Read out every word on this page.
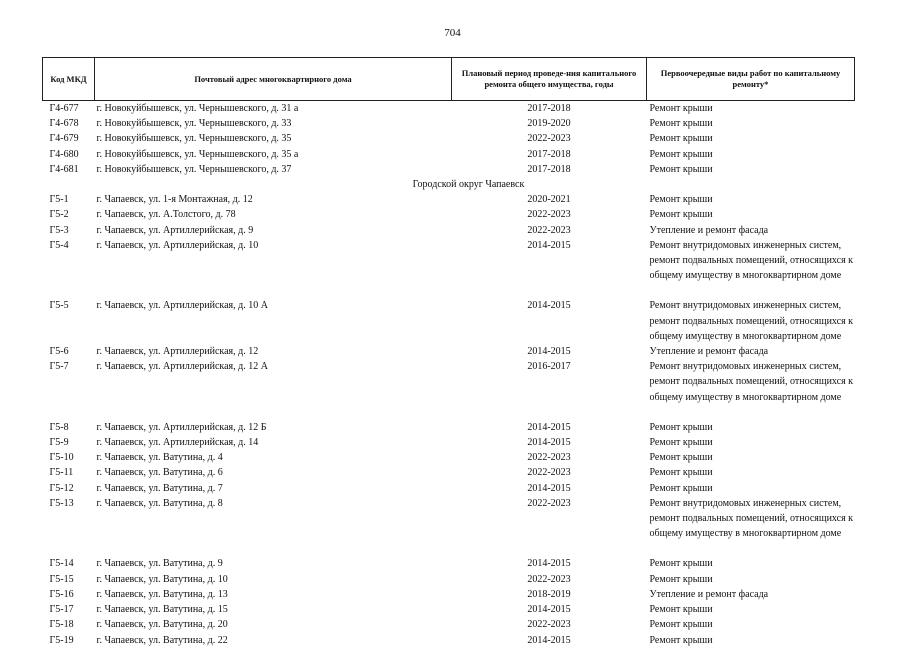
704
Код МКД	Почтовый адрес многоквартирного дома	Плановый период проведе-ния капитального ремонта общего имущества, годы	Первоочередные виды работ по капитальному ремонту*
Г4-677	г. Новокуйбышевск, ул. Чернышевского, д. 31 а	2017-2018	Ремонт крыши

Г4-678	г. Новокуйбышевск, ул. Чернышевского, д. 33	2019-2020	Ремонт крыши

Г4-679	г. Новокуйбышевск, ул. Чернышевского, д. 35	2022-2023	Ремонт крыши

Г4-680	г. Новокуйбышевск, ул. Чернышевского, д. 35 а	2017-2018	Ремонт крыши

Г4-681	г. Новокуйбышевск, ул. Чернышевского, д. 37	2017-2018	Ремонт крыши

Городской округ Чапаевск			
Г5-1	г. Чапаевск, ул. 1-я Монтажная, д. 12	2020-2021	Ремонт крыши

Г5-2	г. Чапаевск, ул. А.Толстого, д. 78	2022-2023	Ремонт крыши

Г5-3	г. Чапаевск, ул. Артиллерийская, д. 9	2022-2023	Утепление и ремонт фасада

Г5-4	г. Чапаевск, ул. Артиллерийская, д. 10	2014-2015	Ремонт внутридомовых инженерных систем,
ремонт подвальных помещений, относящихся к
общему имуществу в многоквартирном доме

Г5-5	г. Чапаевск, ул. Артиллерийская, д. 10 А	2014-2015	Ремонт внутридомовых инженерных систем,
ремонт подвальных помещений, относящихся к
общему имуществу в многоквартирном доме

Г5-6	г. Чапаевск, ул. Артиллерийская, д. 12	2014-2015	Утепление и ремонт фасада

Г5-7	г. Чапаевск, ул. Артиллерийская, д. 12 А	2016-2017	Ремонт внутридомовых инженерных систем,
ремонт подвальных помещений, относящихся к
общему имуществу в многоквартирном доме

Г5-8	г. Чапаевск, ул. Артиллерийская, д. 12 Б	2014-2015	Ремонт крыши

Г5-9	г. Чапаевск, ул. Артиллерийская, д. 14	2014-2015	Ремонт крыши

Г5-10	г. Чапаевск, ул. Ватутина, д. 4	2022-2023	Ремонт крыши

Г5-11	г. Чапаевск, ул. Ватутина, д. 6	2022-2023	Ремонт крыши

Г5-12	г. Чапаевск, ул. Ватутина, д. 7	2014-2015	Ремонт крыши

Г5-13	г. Чапаевск, ул. Ватутина, д. 8	2022-2023	Ремонт внутридомовых инженерных систем,
ремонт подвальных помещений, относящихся к
общему имуществу в многоквартирном доме

Г5-14	г. Чапаевск, ул. Ватутина, д. 9	2014-2015	Ремонт крыши

Г5-15	г. Чапаевск, ул. Ватутина, д. 10	2022-2023	Ремонт крыши

Г5-16	г. Чапаевск, ул. Ватутина, д. 13	2018-2019	Утепление и ремонт фасада

Г5-17	г. Чапаевск, ул. Ватутина, д. 15	2014-2015	Ремонт крыши

Г5-18	г. Чапаевск, ул. Ватутина, д. 20	2022-2023	Ремонт крыши

Г5-19	г. Чапаевск, ул. Ватутина, д. 22	2014-2015	Ремонт крыши
